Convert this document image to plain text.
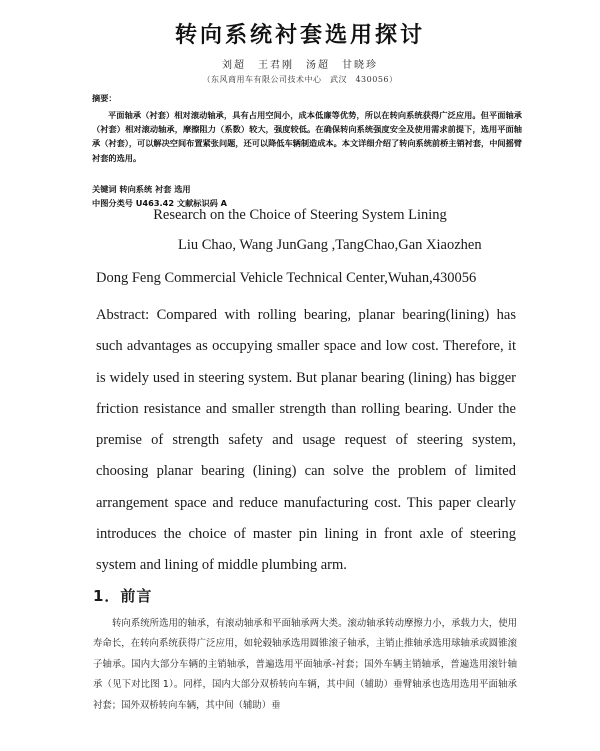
转向系统衬套选用探讨
刘超　王君刚　汤超　甘晓珍
（东风商用车有限公司技术中心　武汉　430056）
摘要：
平面轴承（衬套）相对滚动轴承，具有占用空间小，成本低廉等优势，所以在转向系统获得广泛应用。但平面轴承（衬套）相对滚动轴承，摩擦阻力（系数）较大，强度较低。在确保转向系统强度安全及使用需求前提下，选用平面轴承（衬套），可以解决空间布置紧张问题，还可以降低车辆制造成本。本文详细介绍了转向系统前桥主销衬套，中间摇臂衬套的选用。
关键词 转向系统 衬套 选用
中图分类号 U463.42 文献标识码 A
Research on the Choice of Steering System Lining
Liu Chao, Wang JunGang ,TangChao,Gan Xiaozhen
Dong Feng Commercial Vehicle Technical Center,Wuhan,430056
Abstract: Compared with rolling bearing, planar bearing(lining) has such advantages as occupying smaller space and low cost. Therefore, it is widely used in steering system. But planar bearing (lining) has bigger friction resistance and smaller strength than rolling bearing. Under the premise of strength safety and usage request of steering system, choosing planar bearing (lining) can solve the problem of limited arrangement space and reduce manufacturing cost. This paper clearly introduces the choice of master pin lining in front axle of steering system and lining of middle plumbing arm.
1．前言
转向系统所选用的轴承，有滚动轴承和平面轴承两大类。滚动轴承转动摩擦力小，承载力大，使用寿命长，在转向系统获得广泛应用，如轮毂轴承选用圆锥滚子轴承，主销止推轴承选用球轴承或圆锥滚子轴承。国内大部分车辆的主销轴承，普遍选用平面轴承-衬套；国外车辆主销轴承，普遍选用滚针轴承（见下对比图 1）。同样，国内大部分双桥转向车辆，其中间（辅助）垂臂轴承也选用选用平面轴承衬套；国外双桥转向车辆，其中间（辅助）垂
